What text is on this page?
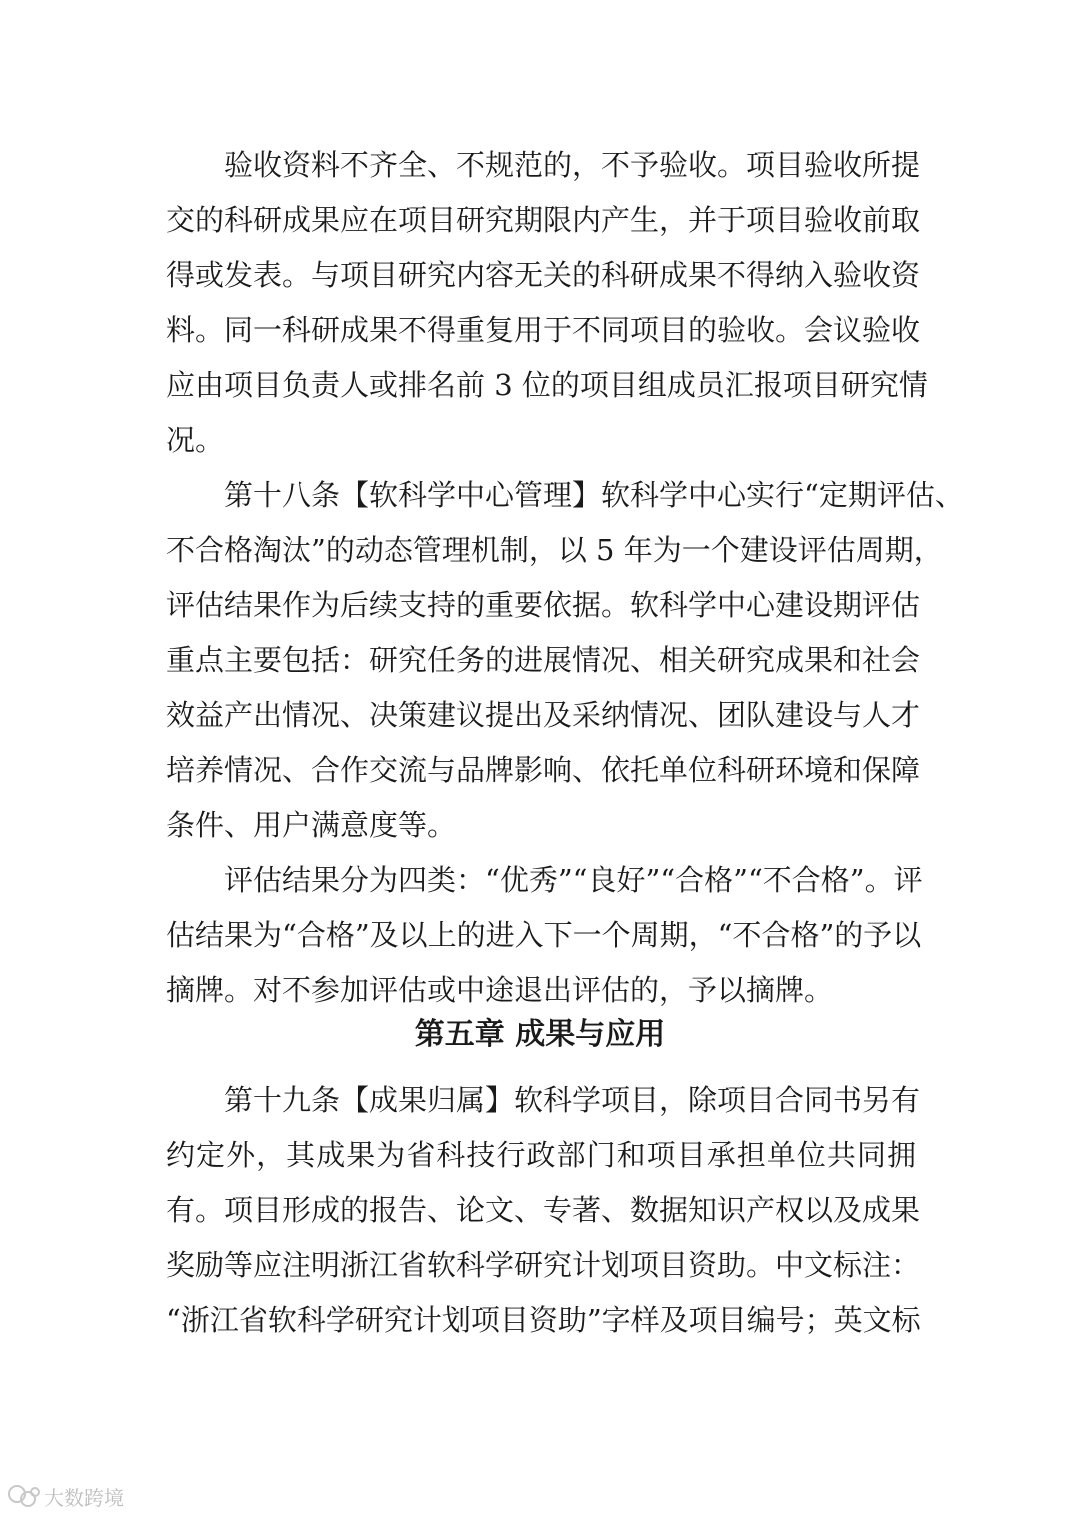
验收资料不齐全、不规范的，不予验收。项目验收所提
交的科研成果应在项目研究期限内产生，并于项目验收前取
得或发表。与项目研究内容无关的科研成果不得纳入验收资
料。同一科研成果不得重复用于不同项目的验收。会议验收
应由项目负责人或排名前 3 位的项目组成员汇报项目研究情
况。
第十八条【软科学中心管理】软科学中心实行“定期评估、
不合格淘汰”的动态管理机制，以 5 年为一个建设评估周期，
评估结果作为后续支持的重要依据。软科学中心建设期评估
重点主要包括：研究任务的进展情况、相关研究成果和社会
效益产出情况、决策建议提出及采纳情况、团队建设与人才
培养情况、合作交流与品牌影响、依托单位科研环境和保障
条件、用户满意度等。
评估结果分为四类：“优秀”“良好”“合格”“不合格”。评
估结果为“合格”及以上的进入下一个周期，“不合格”的予以
摘牌。对不参加评估或中途退出评估的，予以摘牌。
第五章 成果与应用
第十九条【成果归属】软科学项目，除项目合同书另有
约定外，其成果为省科技行政部门和项目承担单位共同拥
有。项目形成的报告、论文、专著、数据知识产权以及成果
奖励等应注明浙江省软科学研究计划项目资助。中文标注：
“浙江省软科学研究计划项目资助”字样及项目编号；英文标
大数跨境
